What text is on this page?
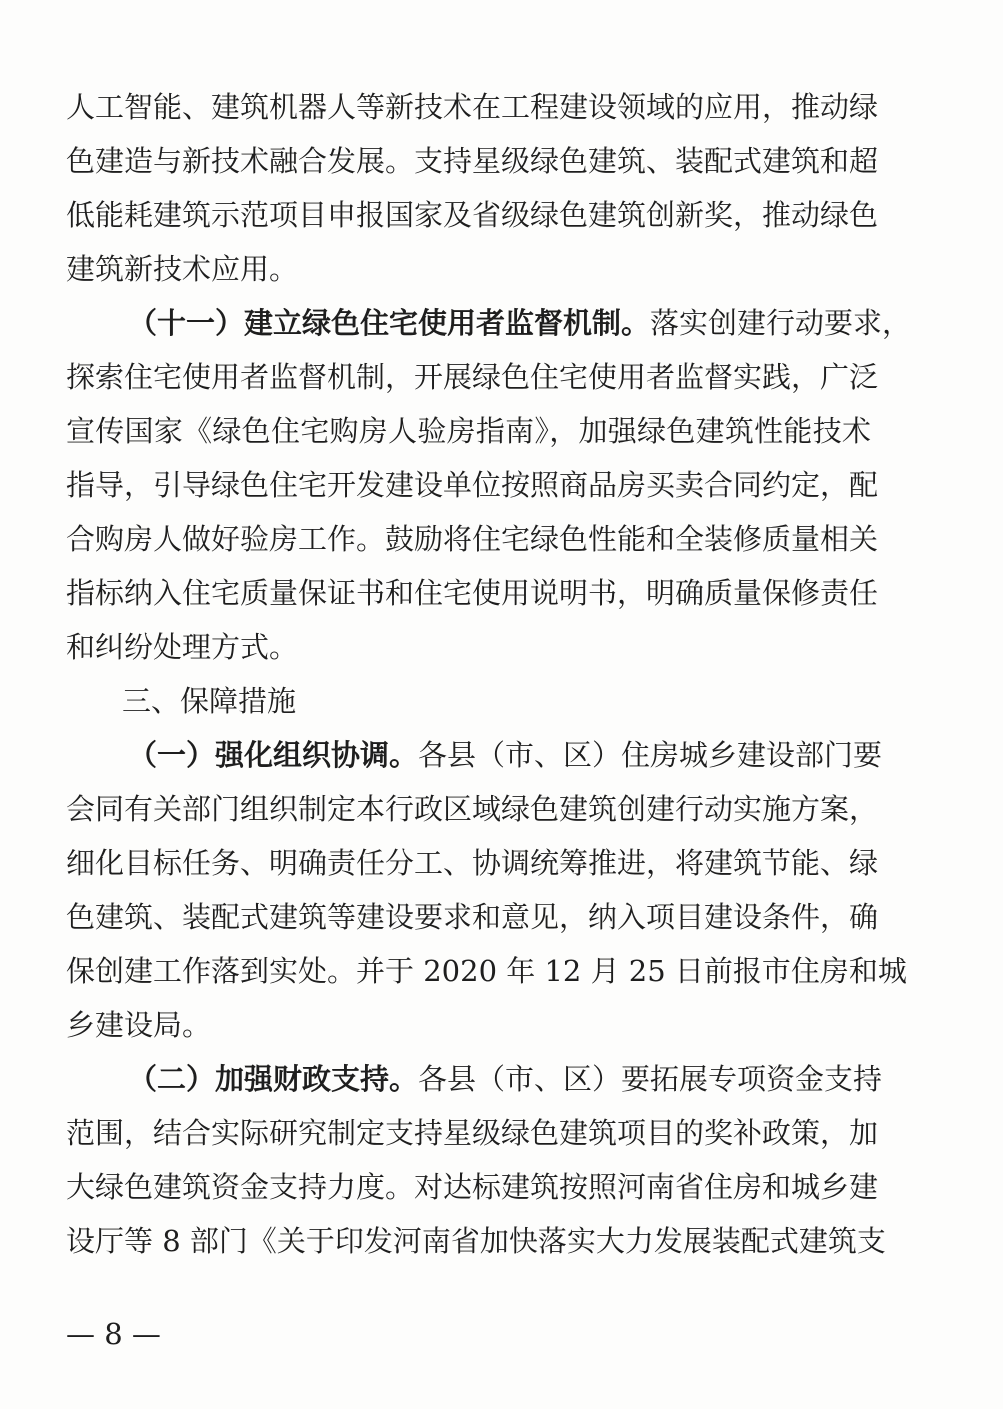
人工智能、建筑机器人等新技术在工程建设领域的应用，推动绿
色建造与新技术融合发展。支持星级绿色建筑、装配式建筑和超
低能耗建筑示范项目申报国家及省级绿色建筑创新奖，推动绿色
建筑新技术应用。
（十一）建立绿色住宅使用者监督机制。落实创建行动要求，
探索住宅使用者监督机制，开展绿色住宅使用者监督实践，广泛
宣传国家《绿色住宅购房人验房指南》，加强绿色建筑性能技术
指导，引导绿色住宅开发建设单位按照商品房买卖合同约定，配
合购房人做好验房工作。鼓励将住宅绿色性能和全装修质量相关
指标纳入住宅质量保证书和住宅使用说明书，明确质量保修责任
和纠纷处理方式。
三、保障措施
（一）强化组织协调。各县（市、区）住房城乡建设部门要
会同有关部门组织制定本行政区域绿色建筑创建行动实施方案，
细化目标任务、明确责任分工、协调统筹推进，将建筑节能、绿
色建筑、装配式建筑等建设要求和意见，纳入项目建设条件，确
保创建工作落到实处。并于 2020 年 12 月 25 日前报市住房和城
乡建设局。
（二）加强财政支持。各县（市、区）要拓展专项资金支持
范围，结合实际研究制定支持星级绿色建筑项目的奖补政策，加
大绿色建筑资金支持力度。对达标建筑按照河南省住房和城乡建
设厅等 8 部门《关于印发河南省加快落实大力发展装配式建筑支
— 8 —
